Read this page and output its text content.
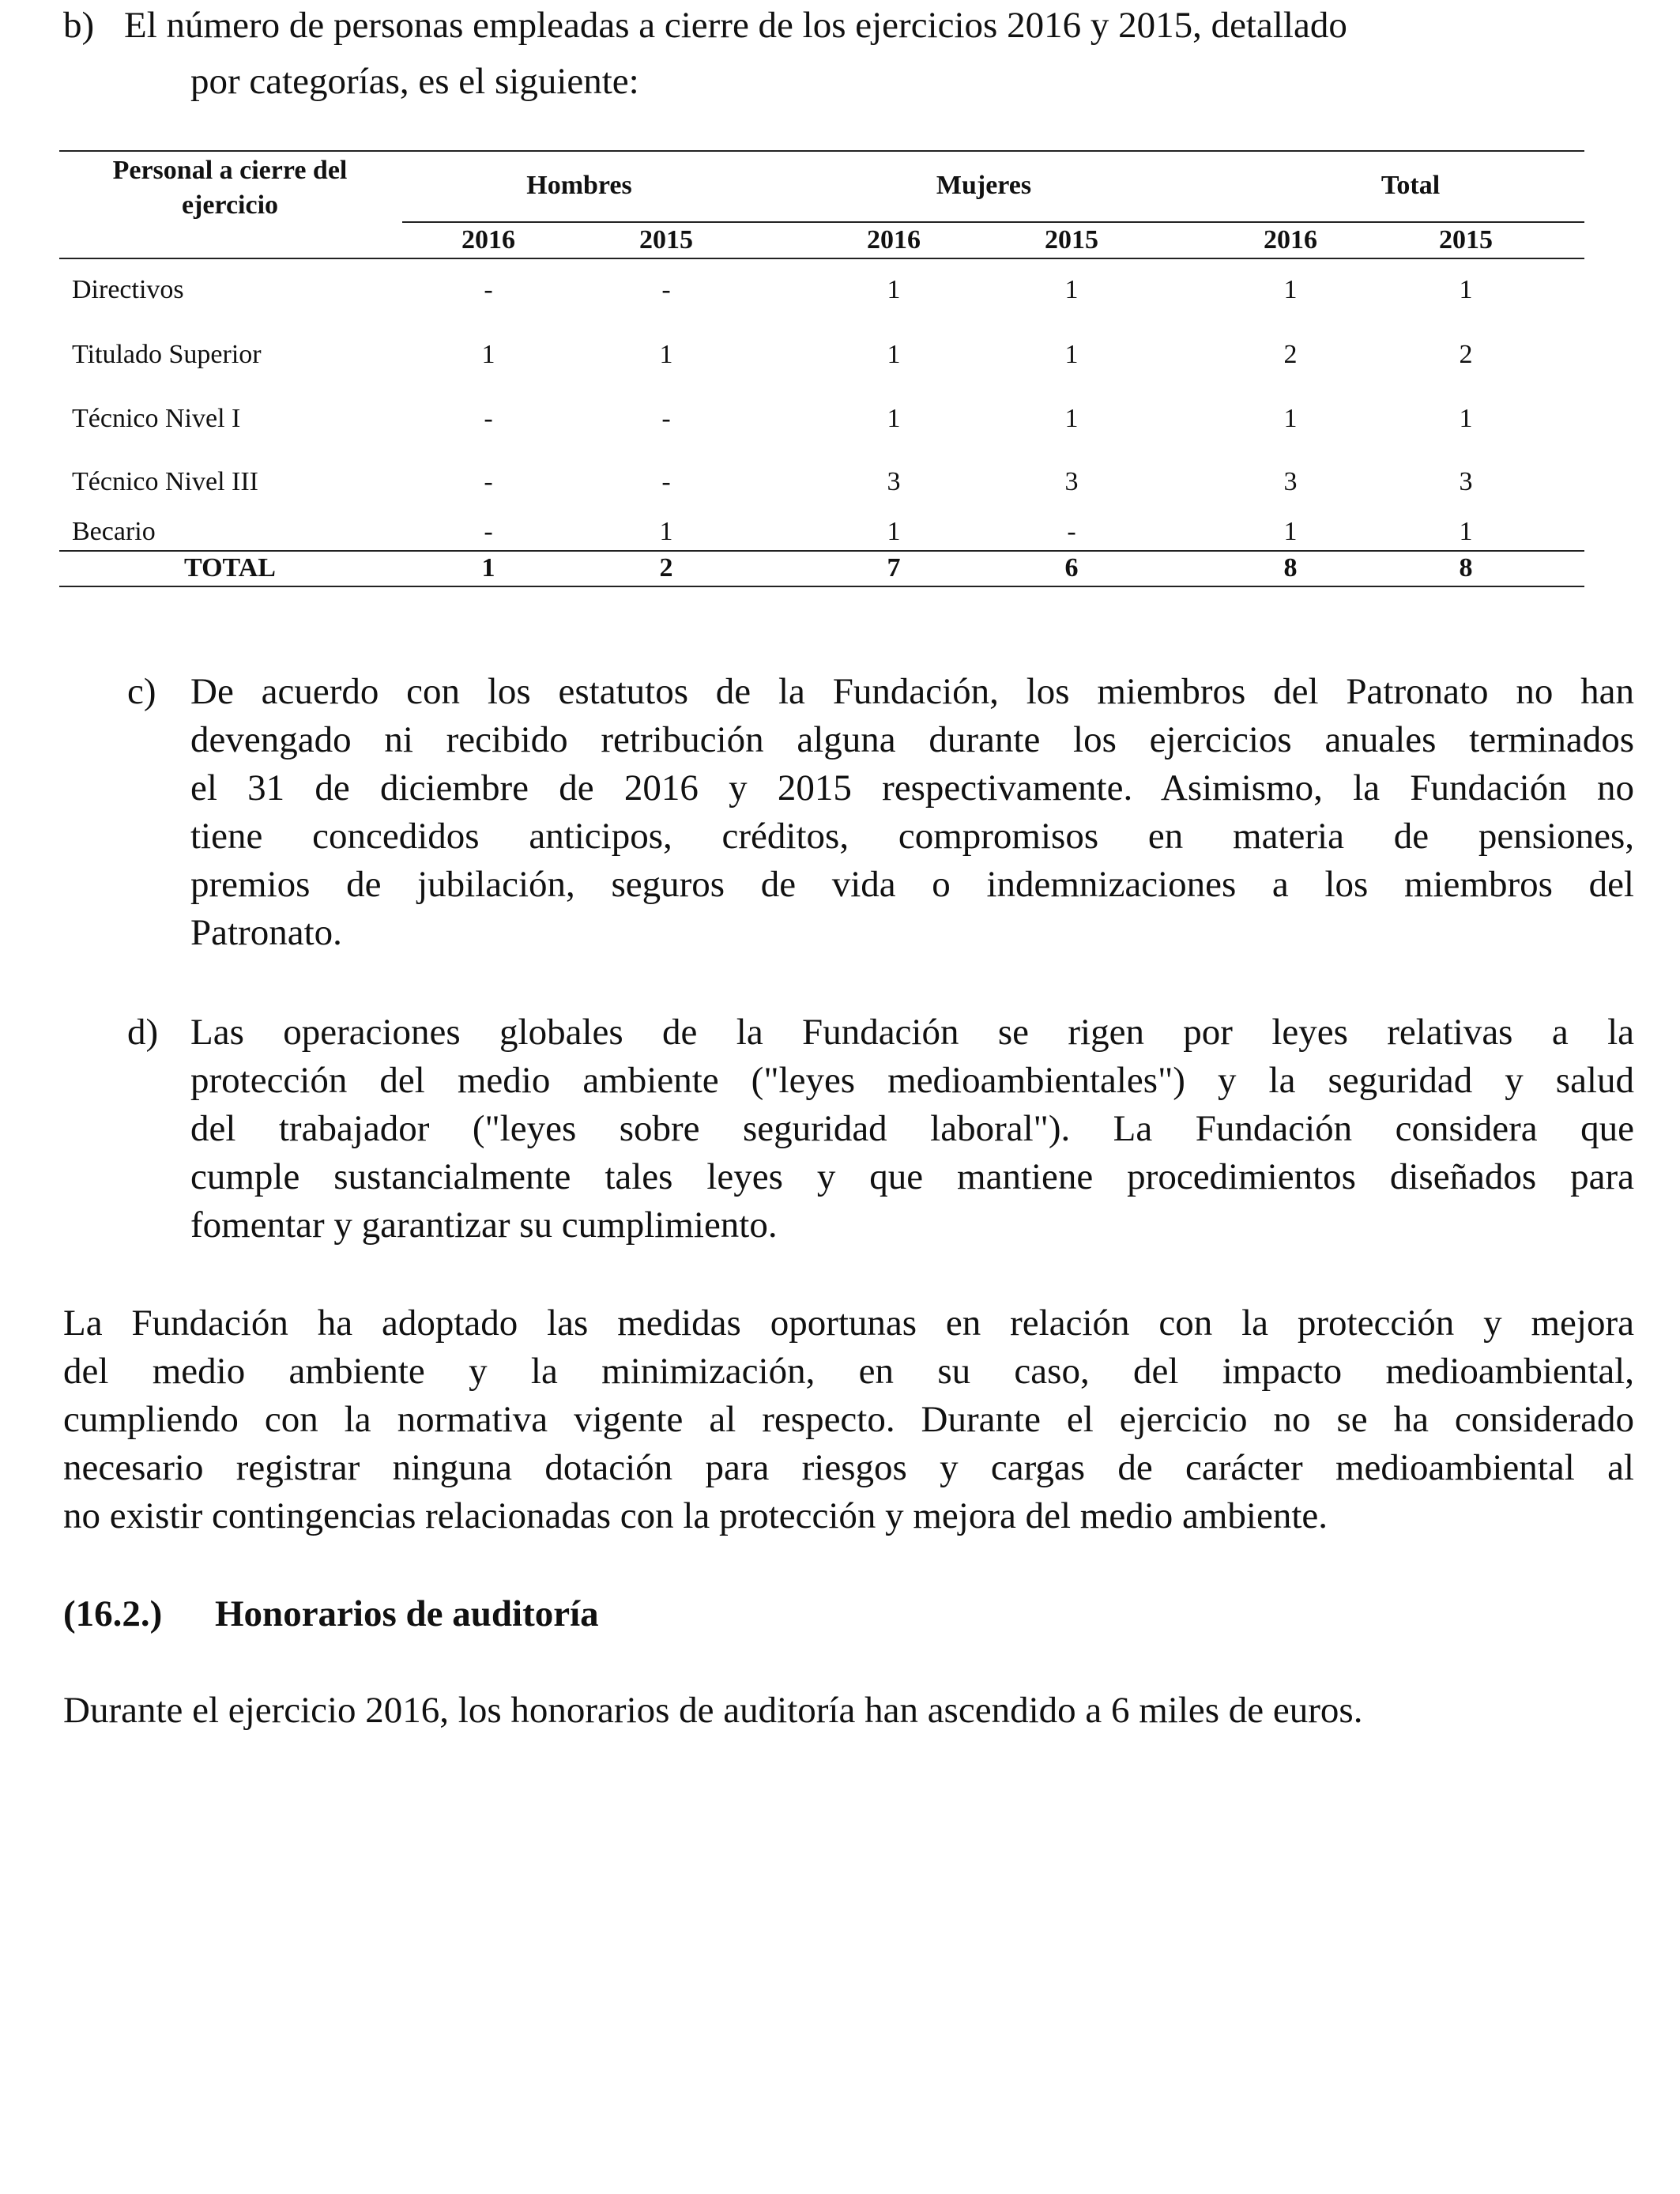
b) El número de personas empleadas a cierre de los ejercicios 2016 y 2015, detallado
por categorías, es el siguiente:
Personal a cierre del
ejercicio
Hombres	Mujeres	Total
2016	2015	2016	2015	2016	2015
Directivos	-	-	1	1	1	1
Titulado Superior	1	1	1	1	2	2
Técnico Nivel I	-	-	1	1	1	1
Técnico Nivel III	-	-	3	3	3	3
Becario	-	1	1	-	1	1
TOTAL	1	2	7	6	8	8
c) De acuerdo con los estatutos de la Fundación, los miembros del Patronato no han
devengado ni recibido retribución alguna durante los ejercicios anuales terminados
el 31 de diciembre de 2016 y 2015 respectivamente. Asimismo, la Fundación no
tiene concedidos anticipos, créditos, compromisos en materia de pensiones,
premios de jubilación, seguros de vida o indemnizaciones a los miembros del
Patronato.
d) Las operaciones globales de la Fundación se rigen por leyes relativas a la
protección del medio ambiente ("leyes medioambientales") y la seguridad y salud
del trabajador ("leyes sobre seguridad laboral"). La Fundación considera que
cumple sustancialmente tales leyes y que mantiene procedimientos diseñados para
fomentar y garantizar su cumplimiento.
La Fundación ha adoptado las medidas oportunas en relación con la protección y mejora
del medio ambiente y la minimización, en su caso, del impacto medioambiental,
cumpliendo con la normativa vigente al respecto. Durante el ejercicio no se ha considerado
necesario registrar ninguna dotación para riesgos y cargas de carácter medioambiental al
no existir contingencias relacionadas con la protección y mejora del medio ambiente.
(16.2.) Honorarios de auditoría
Durante el ejercicio 2016, los honorarios de auditoría han ascendido a 6 miles de euros.
